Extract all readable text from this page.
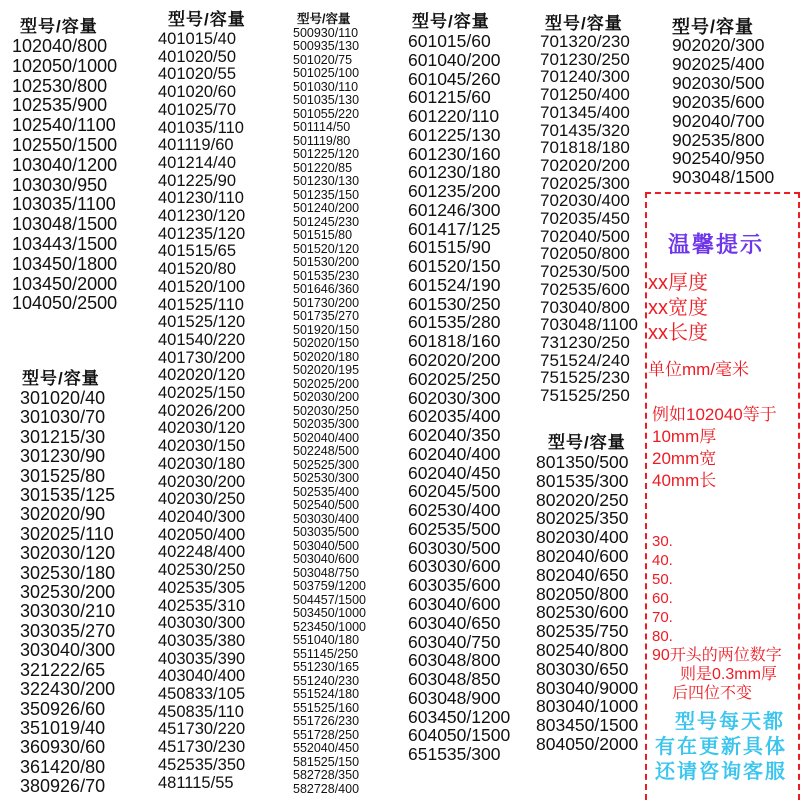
型号/容量
102040/800
102050/1000
102530/800
102535/900
102540/1100
102550/1500
103040/1200
103030/950
103035/1100
103048/1500
103443/1500
103450/1800
103450/2000
104050/2500
型号/容量
301020/40
301030/70
301215/30
301230/90
301525/80
301535/125
302020/90
302025/110
302030/120
302530/180
302530/200
303030/210
303035/270
303040/300
321222/65
322430/200
350926/60
351019/40
360930/60
361420/80
380926/70
型号/容量
401015/40
401020/50
401020/55
401020/60
401025/70
401035/110
401119/60
401214/40
401225/90
401230/110
401230/120
401235/120
401515/65
401520/80
401520/100
401525/110
401525/120
401540/220
401730/200
402020/120
402025/150
402026/200
402030/120
402030/150
402030/180
402030/200
402030/250
402040/300
402050/400
402248/400
402530/250
402535/305
402535/310
403030/300
403035/380
403035/390
403040/400
450833/105
450835/110
451730/220
451730/230
452535/350
481115/55
型号/容量
500930/110
500935/130
501020/75
501025/100
501030/110
501035/130
501055/220
501114/50
501119/80
501225/120
501220/85
501230/130
501235/150
501240/200
501245/230
501515/80
501520/120
501530/200
501535/230
501646/360
501730/200
501735/270
501920/150
502020/150
502020/180
502020/195
502025/200
502030/200
502030/250
502035/300
502040/400
502248/500
502525/300
502530/300
502535/400
502540/500
503030/400
503035/500
503040/500
503040/600
503048/750
503759/1200
504457/1500
503450/1000
523450/1000
551040/180
551145/250
551230/165
551240/230
551524/180
551525/160
551726/230
551728/250
552040/450
581525/150
582728/350
582728/400
型号/容量
601015/60
601040/200
601045/260
601215/60
601220/110
601225/130
601230/160
601230/180
601235/200
601246/300
601417/125
601515/90
601520/150
601524/190
601530/250
601535/280
601818/160
602020/200
602025/250
602030/300
602035/400
602040/350
602040/400
602040/450
602045/500
602530/400
602535/500
603030/500
603030/600
603035/600
603040/600
603040/650
603040/750
603048/800
603048/850
603048/900
603450/1200
604050/1500
651535/300
型号/容量
701320/230
701230/250
701240/300
701250/400
701345/400
701435/320
701818/180
702020/200
702025/300
702030/400
702035/450
702040/500
702050/800
702530/500
702535/600
703040/800
703048/1100
731230/250
751524/240
751525/230
751525/250
型号/容量
801350/500
801535/300
802020/250
802025/350
802030/400
802040/600
802040/650
802050/800
802530/600
802535/750
802540/800
803030/650
803040/9000
803040/1000
803450/1500
804050/2000
型号/容量
902020/300
902025/400
902030/500
902035/600
902040/700
902535/800
902540/950
903048/1500
温馨提示
xx厚度
xx宽度
xx长度
单位mm/毫米
例如102040等于
10mm厚
20mm宽
40mm长
30.
40.
50.
60.
70.
80.
90开头的两位数字
则是0.3mm厚
后四位不变
型号每天都
有在更新具体
还请咨询客服
